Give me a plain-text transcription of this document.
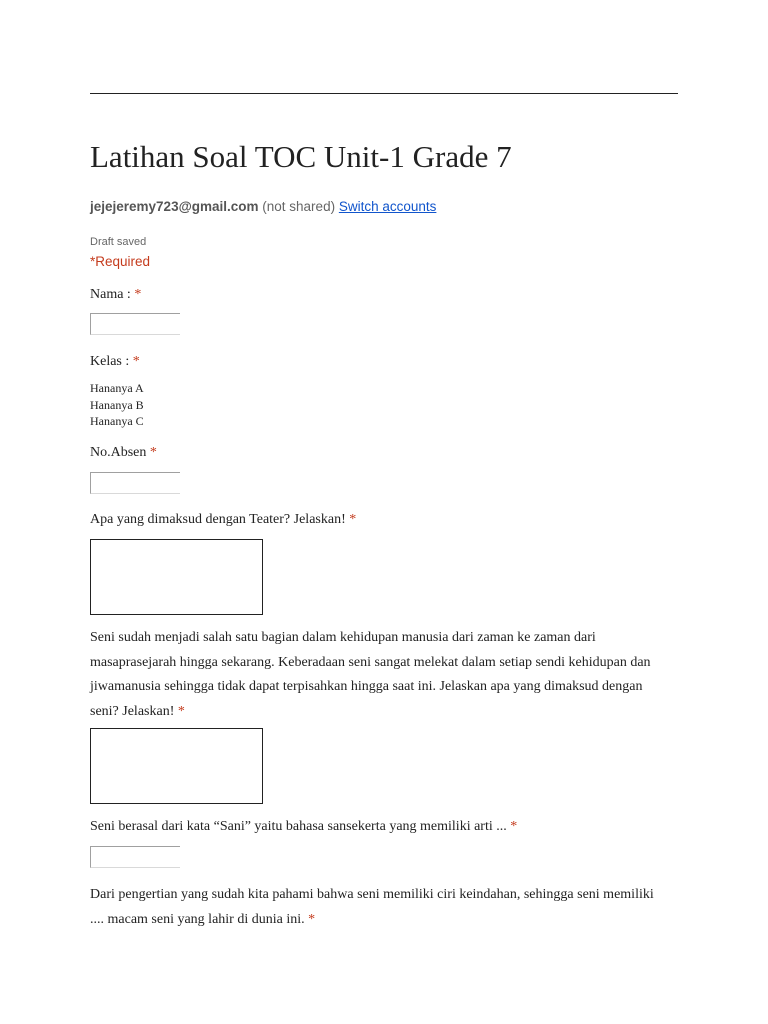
Latihan Soal TOC Unit-1 Grade 7
jejejeremy723@gmail.com (not shared) Switch accounts
Draft saved
*Required
Nama : *
Kelas : *
Hananya A
Hananya B
Hananya C
No.Absen *
Apa yang dimaksud dengan Teater? Jelaskan! *
Seni sudah menjadi salah satu bagian dalam kehidupan manusia dari zaman ke zaman dari masaprasejarah hingga sekarang. Keberadaan seni sangat melekat dalam setiap sendi kehidupan dan jiwamanusia sehingga tidak dapat terpisahkan hingga saat ini. Jelaskan apa yang dimaksud dengan seni? Jelaskan! *
Seni berasal dari kata “Sani” yaitu bahasa sansekerta yang memiliki arti ... *
Dari pengertian yang sudah kita pahami bahwa seni memiliki ciri keindahan, sehingga seni memiliki .... macam seni yang lahir di dunia ini. *
